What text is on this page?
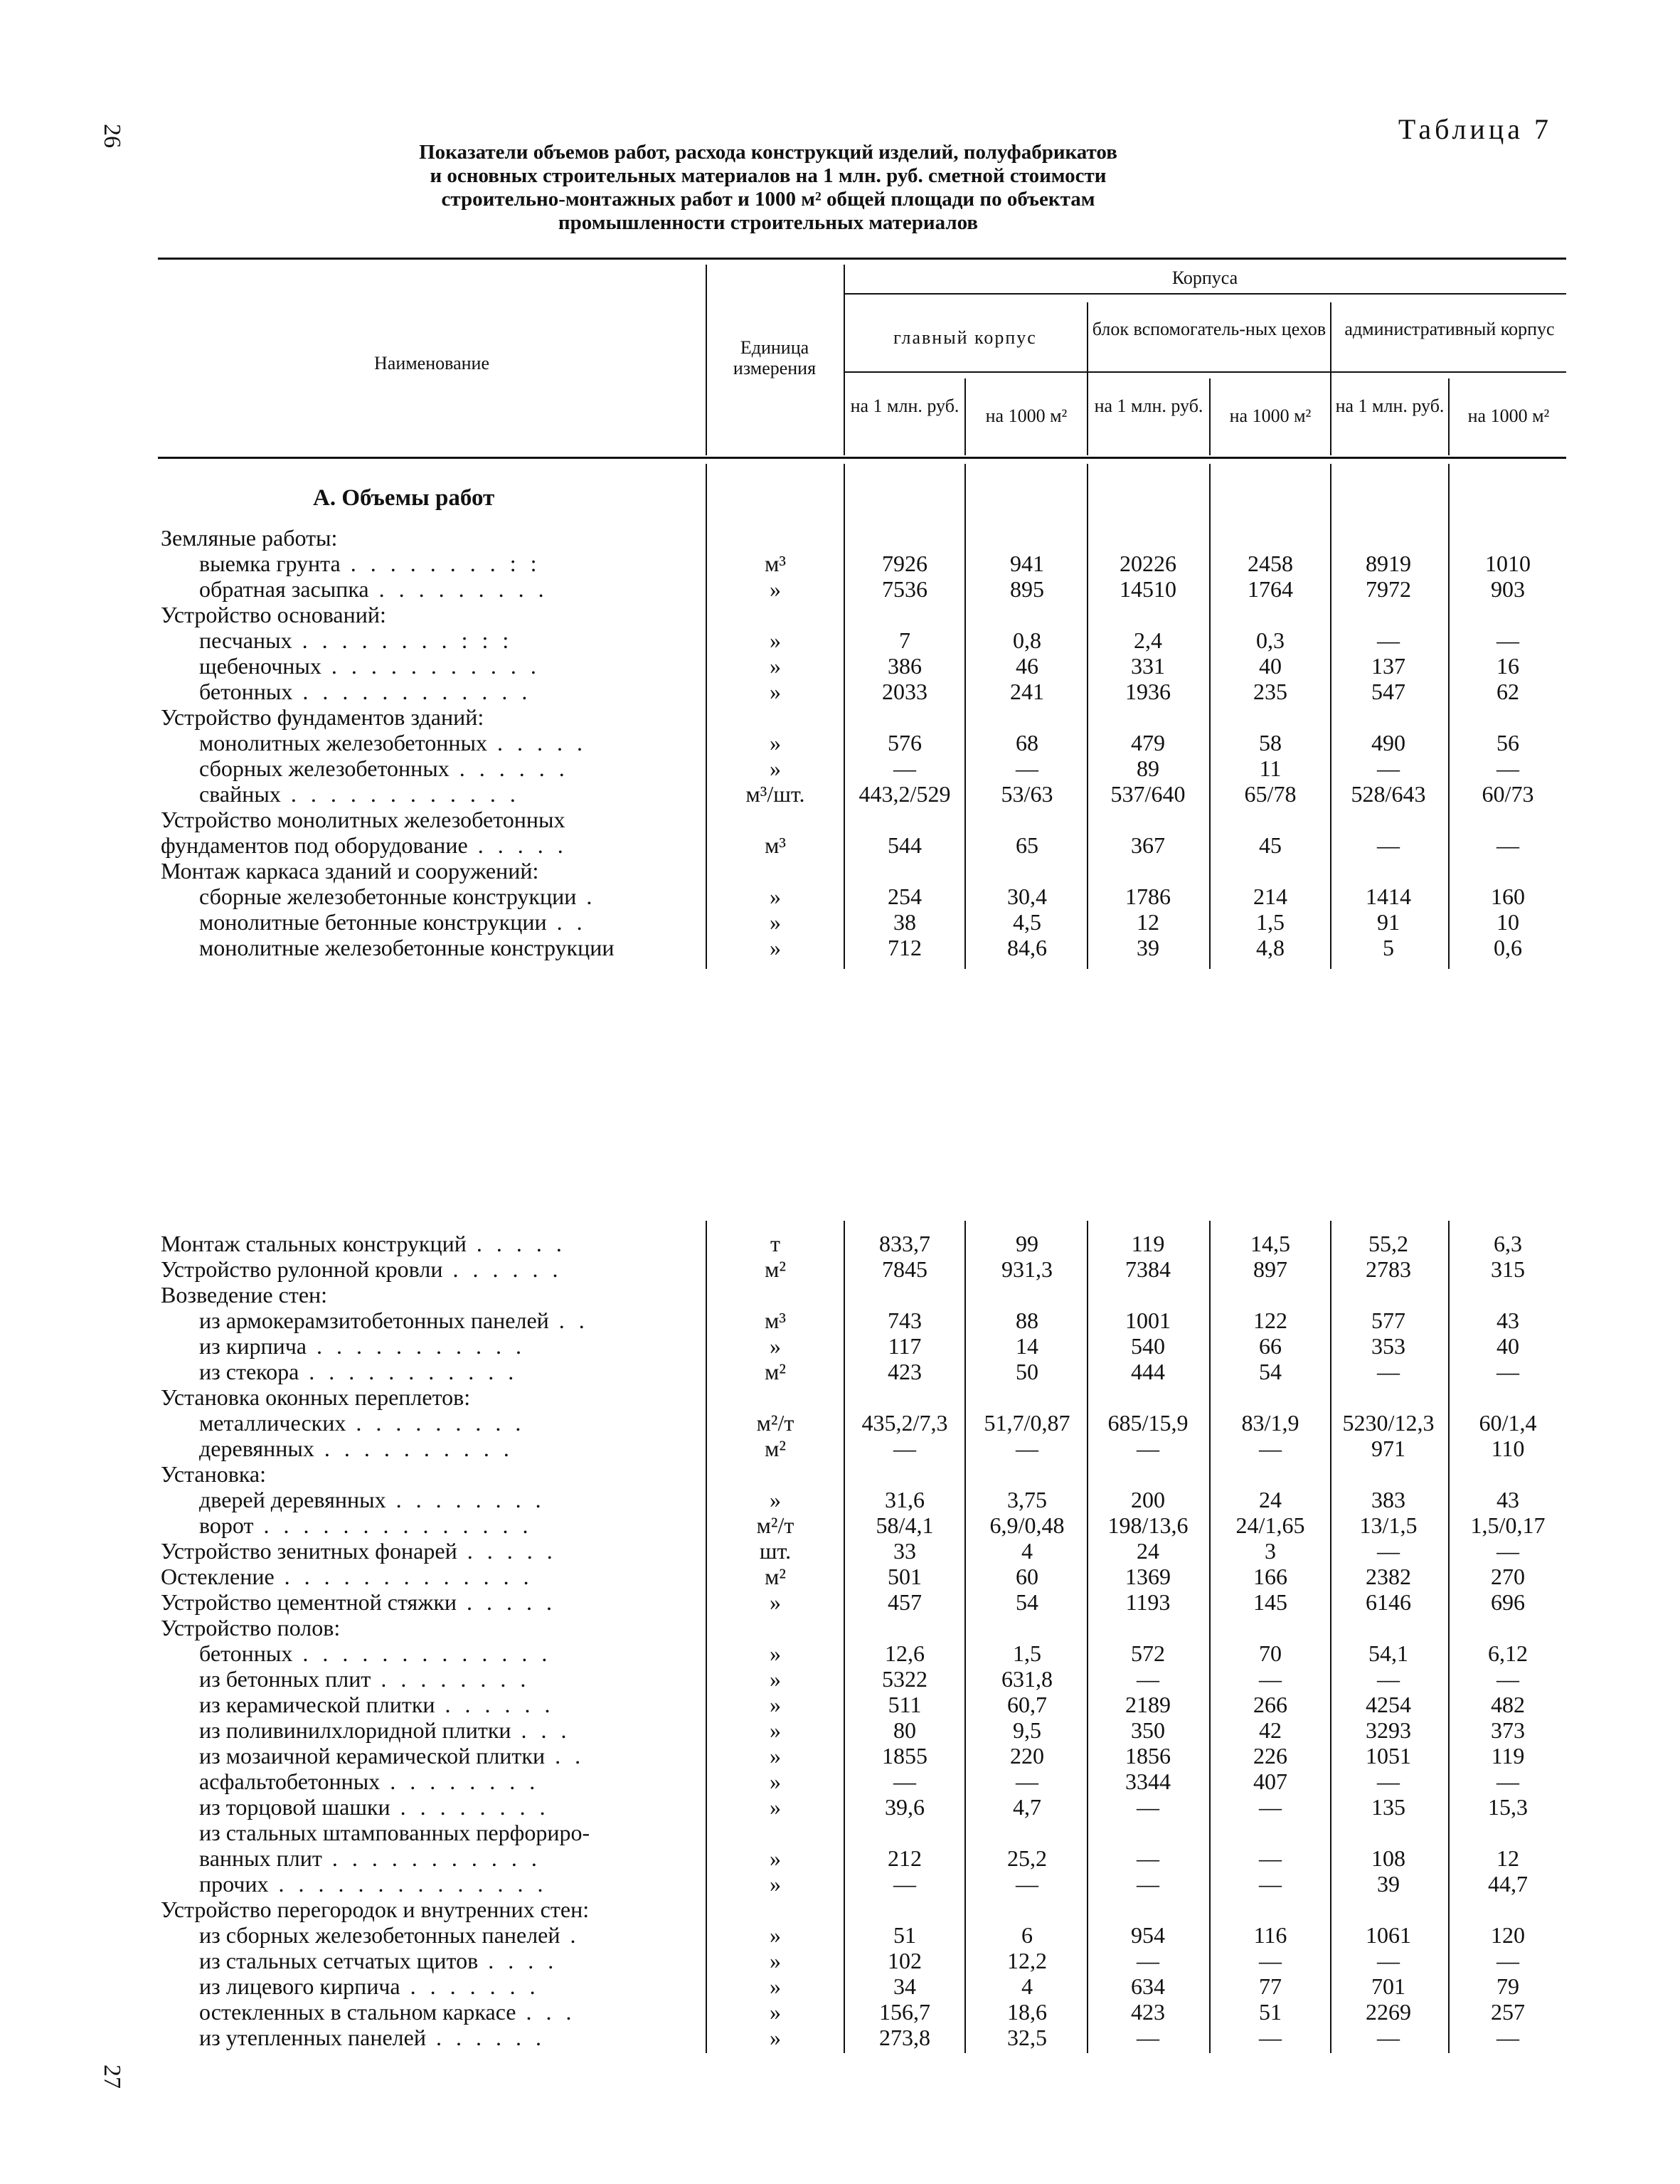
26
27
Таблица 7
Показатели объемов работ, расхода конструкций изделий, полуфабрикатов
и основных строительных материалов на 1 млн. руб. сметной стоимости
строительно-монтажных работ и 1000 м² общей площади по объектам
промышленности строительных материалов
Наименование
Единица измерения
Корпуса
главный корпус	блок вспомогатель-ных цехов	административный корпус
на 1 млн. руб.	на 1000 м²	на 1 млн. руб.	на 1000 м²	на 1 млн. руб.	на 1000 м²
А. Объемы работ
Земляные работы:
выемка грунта . . . . . . . . : :	м³	7926	941	20226	2458	8919	1010
обратная засыпка . . . . . . . . .	»	7536	895	14510	1764	7972	903
Устройство оснований:
песчаных . . . . . . . . : : :	»	7	0,8	2,4	0,3	—	—
щебеночных . . . . . . . . . . .	»	386	46	331	40	137	16
бетонных . . . . . . . . . . . .	»	2033	241	1936	235	547	62
Устройство фундаментов зданий:
монолитных железобетонных . . . . .	»	576	68	479	58	490	56
сборных железобетонных . . . . . .	»	—	—	89	11	—	—
свайных . . . . . . . . . . . .	м³/шт.	443,2/529	53/63	537/640	65/78	528/643	60/73
Устройство монолитных железобетонных
фундаментов под оборудование . . . . .	м³	544	65	367	45	—	—
Монтаж каркаса зданий и сооружений:
сборные железобетонные конструкции .	»	254	30,4	1786	214	1414	160
монолитные бетонные конструкции . .	»	38	4,5	12	1,5	91	10
монолитные железобетонные конструкции	»	712	84,6	39	4,8	5	0,6
Монтаж стальных конструкций . . . . .	т	833,7	99	119	14,5	55,2	6,3
Устройство рулонной кровли . . . . . .	м²	7845	931,3	7384	897	2783	315
Возведение стен:
из армокерамзитобетонных панелей . .	м³	743	88	1001	122	577	43
из кирпича . . . . . . . . . . .	»	117	14	540	66	353	40
из стекора . . . . . . . . . . .	м²	423	50	444	54	—	—
Установка оконных переплетов:
металлических . . . . . . . . .	м²/т	435,2/7,3	51,7/0,87	685/15,9	83/1,9	5230/12,3	60/1,4
деревянных . . . . . . . . . .	м²	—	—	—	—	971	110
Установка:
дверей деревянных . . . . . . . .	»	31,6	3,75	200	24	383	43
ворот . . . . . . . . . . . . . .	м²/т	58/4,1	6,9/0,48	198/13,6	24/1,65	13/1,5	1,5/0,17
Устройство зенитных фонарей . . . . .	шт.	33	4	24	3	—	—
Остекление . . . . . . . . . . . . .	м²	501	60	1369	166	2382	270
Устройство цементной стяжки . . . . .	»	457	54	1193	145	6146	696
Устройство полов:
бетонных . . . . . . . . . . . . .	»	12,6	1,5	572	70	54,1	6,12
из бетонных плит . . . . . . . .	»	5322	631,8	—	—	—	—
из керамической плитки . . . . . .	»	511	60,7	2189	266	4254	482
из поливинилхлоридной плитки . . .	»	80	9,5	350	42	3293	373
из мозаичной керамической плитки . .	»	1855	220	1856	226	1051	119
асфальтобетонных . . . . . . . .	»	—	—	3344	407	—	—
из торцовой шашки . . . . . . . .	»	39,6	4,7	—	—	135	15,3
из стальных штампованных перфориро-
ванных плит . . . . . . . . . . .	»	212	25,2	—	—	108	12
прочих . . . . . . . . . . . . . .	»	—	—	—	—	39	44,7
Устройство перегородок и внутренних стен:
из сборных железобетонных панелей .	»	51	6	954	116	1061	120
из стальных сетчатых щитов . . . .	»	102	12,2	—	—	—	—
из лицевого кирпича . . . . . . .	»	34	4	634	77	701	79
остекленных в стальном каркасе . . .	»	156,7	18,6	423	51	2269	257
из утепленных панелей . . . . . .	»	273,8	32,5	—	—	—	—
